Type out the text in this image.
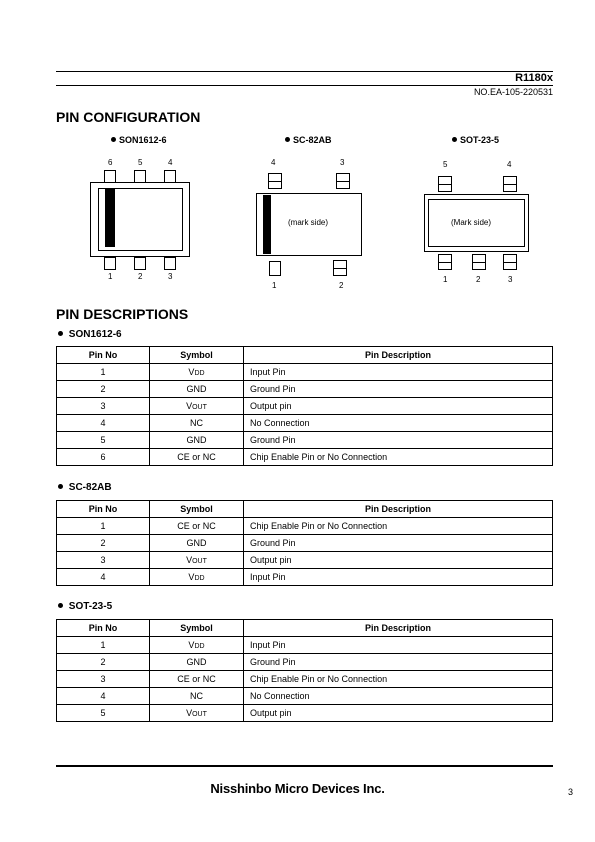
R1180x
NO.EA-105-220531
PIN CONFIGURATION
SON1612-6
6	5	4
1	2	3
SC-82AB
4	3
(mark side)
1	2
SOT-23-5
5	4
(Mark side)
1	2	3
PIN DESCRIPTIONS
SON1612-6
Pin No	Symbol	Pin Description
1	VDD	Input Pin
2	GND	Ground Pin
3	VOUT	Output pin
4	NC	No Connection
5	GND	Ground Pin
6	CE or NC	Chip Enable Pin or No Connection
SC-82AB
Pin No	Symbol	Pin Description
1	CE or NC	Chip Enable Pin or No Connection
2	GND	Ground Pin
3	VOUT	Output pin
4	VDD	Input Pin
SOT-23-5
Pin No	Symbol	Pin Description
1	VDD	Input Pin
2	GND	Ground Pin
3	CE or NC	Chip Enable Pin or No Connection
4	NC	No Connection
5	VOUT	Output pin
Nisshinbo Micro Devices Inc.	3
